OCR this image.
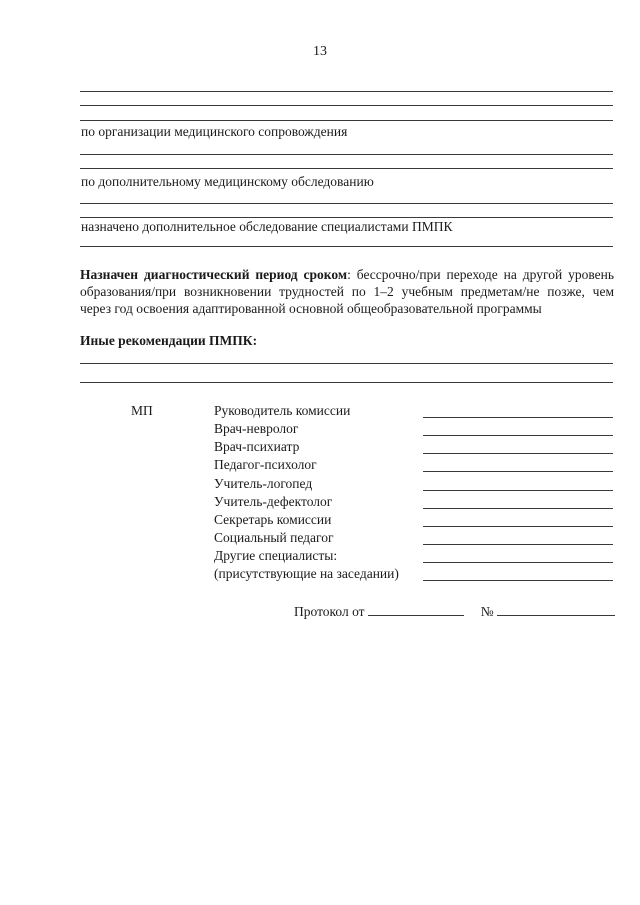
13
по организации медицинского сопровождения
по дополнительному медицинскому обследованию
назначено дополнительное обследование специалистами ПМПК
Назначен диагностический период сроком: бессрочно/при переходе на другой уровень образования/при возникновении трудностей по 1–2 учебным предметам/не позже, чем
через год освоения адаптированной основной общеобразовательной программы
Иные рекомендации ПМПК:
МП	Руководитель комиссии
Врач-невролог
Врач-психиатр
Педагог-психолог
Учитель-логопед
Учитель-дефектолог
Секретарь комиссии
Социальный педагог
Другие специалисты:
(присутствующие на заседании)
Протокол от	№
